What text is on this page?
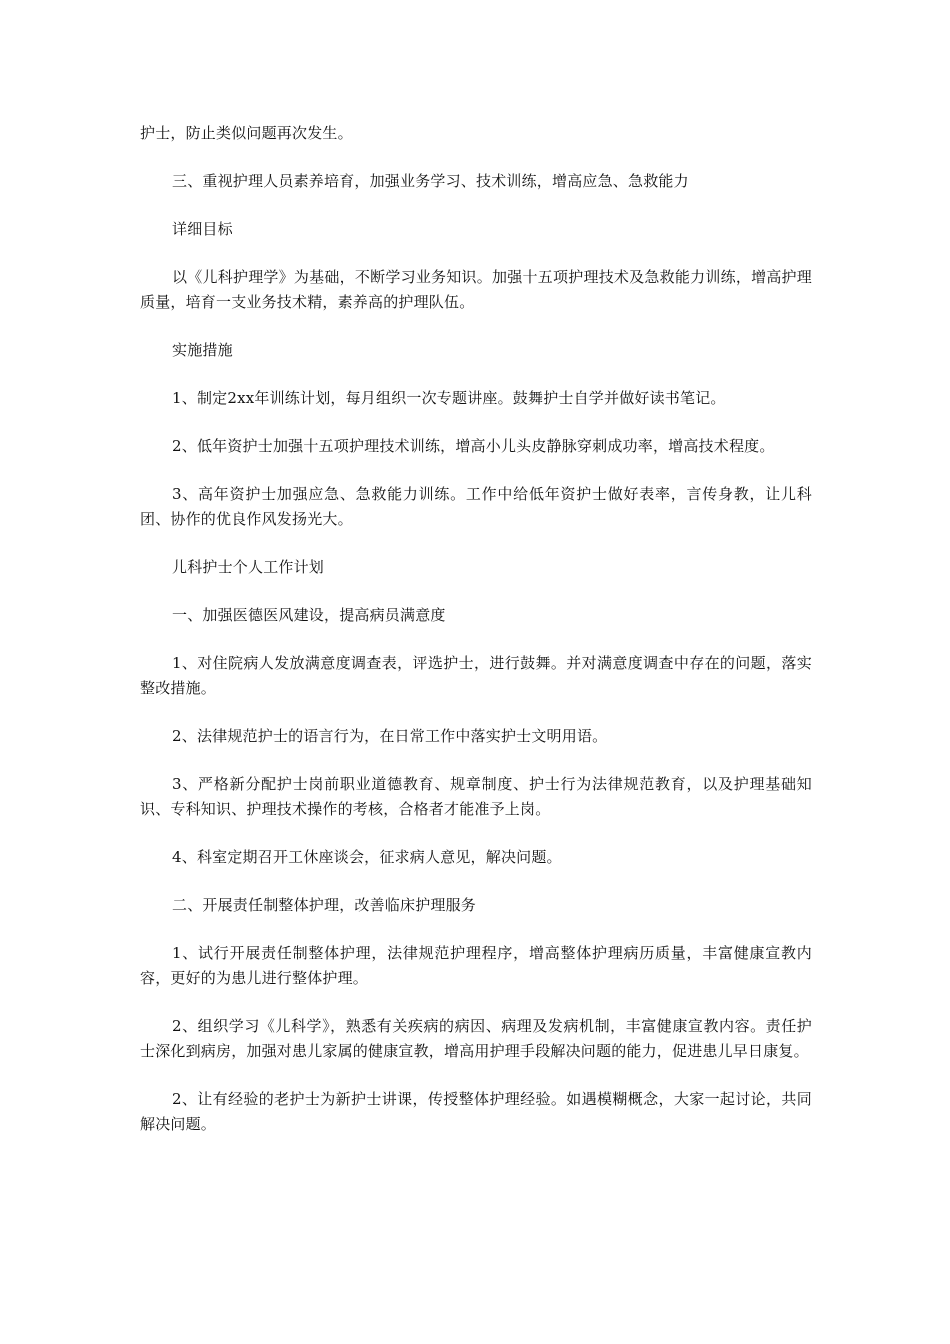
护士，防止类似问题再次发生。

三、重视护理人员素养培育，加强业务学习、技术训练，增高应急、急救能力

详细目标

以《儿科护理学》为基础，不断学习业务知识。加强十五项护理技术及急救能力训练，增高护理质量，培育一支业务技术精，素养高的护理队伍。

实施措施

1、制定2xx年训练计划，每月组织一次专题讲座。鼓舞护士自学并做好读书笔记。

2、低年资护士加强十五项护理技术训练，增高小儿头皮静脉穿刺成功率，增高技术程度。

3、高年资护士加强应急、急救能力训练。工作中给低年资护士做好表率，言传身教，让儿科团、协作的优良作风发扬光大。

儿科护士个人工作计划

一、加强医德医风建设，提高病员满意度

1、对住院病人发放满意度调查表，评选护士，进行鼓舞。并对满意度调查中存在的问题，落实整改措施。

2、法律规范护士的语言行为，在日常工作中落实护士文明用语。

3、严格新分配护士岗前职业道德教育、规章制度、护士行为法律规范教育，以及护理基础知识、专科知识、护理技术操作的考核，合格者才能准予上岗。

4、科室定期召开工休座谈会，征求病人意见，解决问题。

二、开展责任制整体护理，改善临床护理服务

1、试行开展责任制整体护理，法律规范护理程序，增高整体护理病历质量，丰富健康宣教内容，更好的为患儿进行整体护理。

2、组织学习《儿科学》，熟悉有关疾病的病因、病理及发病机制，丰富健康宣教内容。责任护士深化到病房，加强对患儿家属的健康宣教，增高用护理手段解决问题的能力，促进患儿早日康复。

2、让有经验的老护士为新护士讲课，传授整体护理经验。如遇模糊概念，大家一起讨论，共同解决问题。
